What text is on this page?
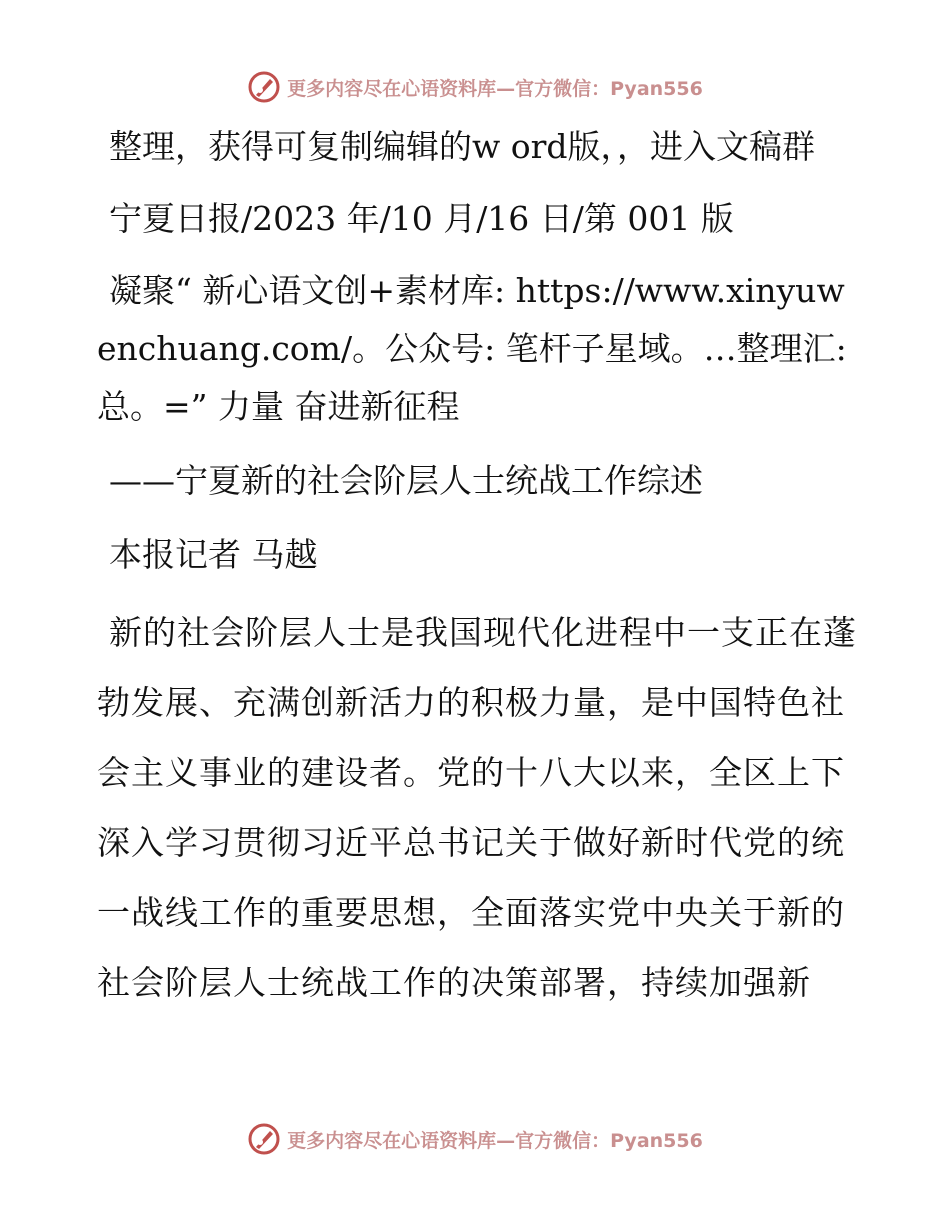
更多内容尽在心语资料库—官方微信：Pyan556

整理，获得可复制编辑的w ord版，，进入文稿群

宁夏日报/2023 年/10 月/16 日/第 001 版

凝聚“ 新心语文创+素材库: https://www.xinyuwenchuang.com/。公众号: 笔杆子星域。…整理汇:总。=” 力量 奋进新征程

——宁夏新的社会阶层人士统战工作综述

本报记者 马越

新的社会阶层人士是我国现代化进程中一支正在蓬勃发展、充满创新活力的积极力量，是中国特色社会主义事业的建设者。党的十八大以来，全区上下深入学习贯彻习近平总书记关于做好新时代党的统一战线工作的重要思想，全面落实党中央关于新的社会阶层人士统战工作的决策部署，持续加强新

更多内容尽在心语资料库—官方微信：Pyan556
